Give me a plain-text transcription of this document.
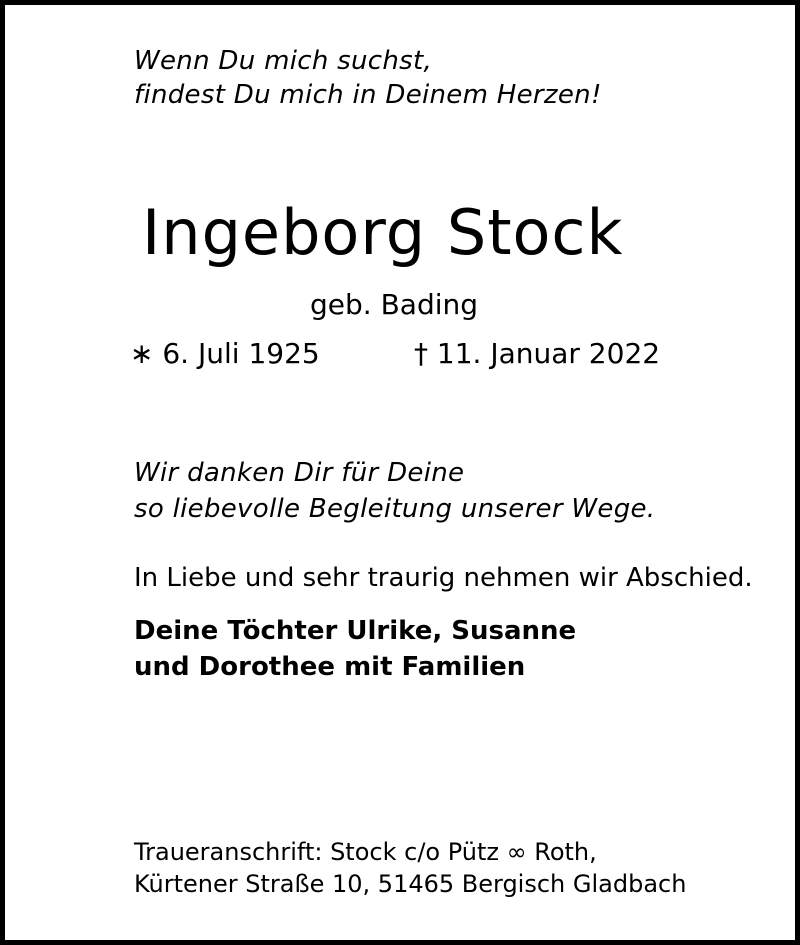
Wenn Du mich suchst,
findest Du mich in Deinem Herzen!
Ingeborg Stock
geb. Bading
∗ 6. Juli 1925	† 11. Januar 2022
Wir danken Dir für Deine
so liebevolle Begleitung unserer Wege.
In Liebe und sehr traurig nehmen wir Abschied.
Deine Töchter Ulrike, Susanne
und Dorothee mit Familien
Traueranschrift: Stock c/o Pütz ∞ Roth,
Kürtener Straße 10, 51465 Bergisch Gladbach
